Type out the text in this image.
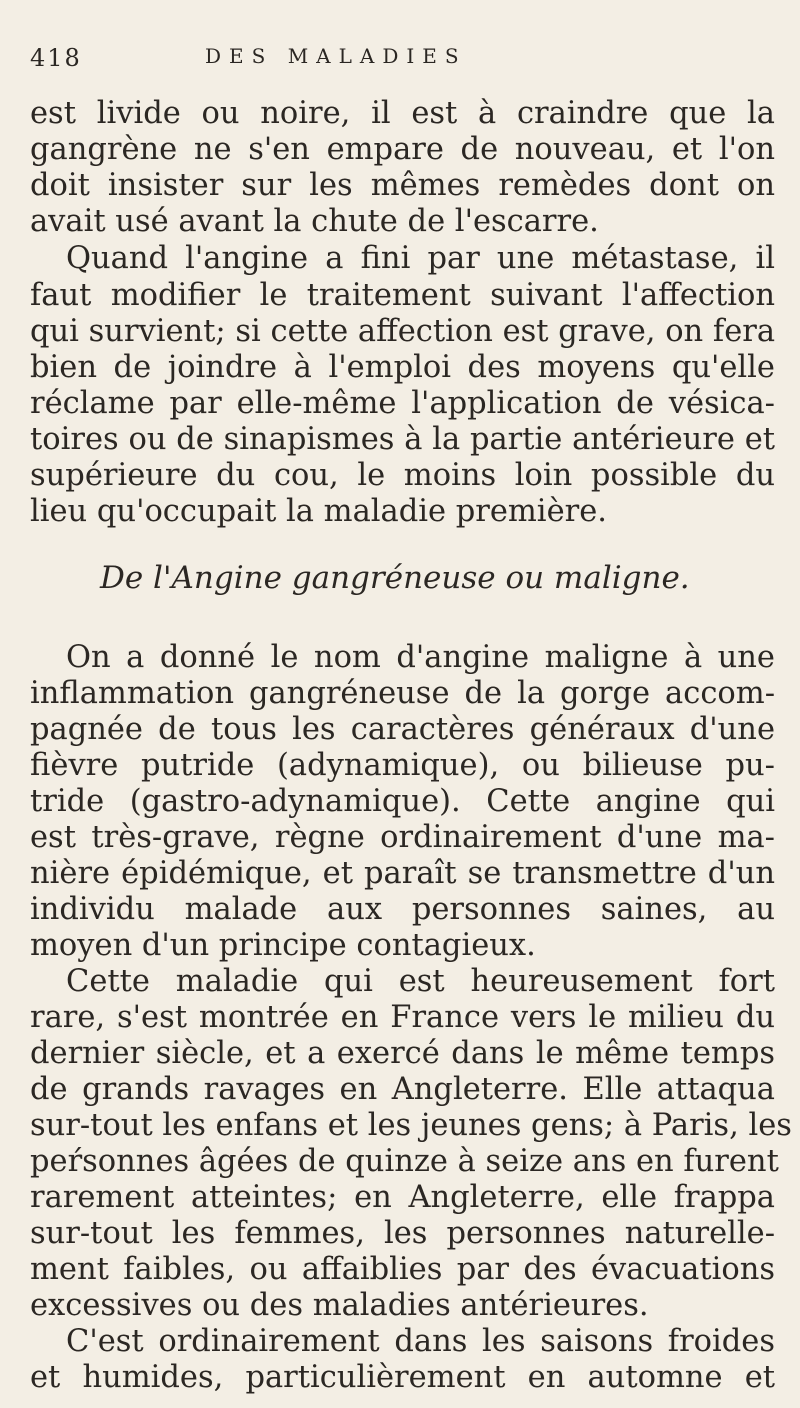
418	DES MALADIES
est livide ou noire, il est à craindre que la
gangrène ne s'en empare de nouveau, et l'on
doit insister sur les mêmes remèdes dont on
avait usé avant la chute de l'escarre.
Quand l'angine a fini par une métastase, il
faut modifier le traitement suivant l'affection
qui survient; si cette affection est grave, on fera
bien de joindre à l'emploi des moyens qu'elle
réclame par elle-même l'application de vésica-
toires ou de sinapismes à la partie antérieure et
supérieure du cou, le moins loin possible du
lieu qu'occupait la maladie première.
De l'Angine gangréneuse ou maligne.
On a donné le nom d'angine maligne à une
inflammation gangréneuse de la gorge accom-
pagnée de tous les caractères généraux d'une
fièvre putride (adynamique), ou bilieuse pu-
tride (gastro-adynamique). Cette angine qui
est très-grave, règne ordinairement d'une ma-
nière épidémique, et paraît se transmettre d'un
individu malade aux personnes saines, au
moyen d'un principe contagieux.
Cette maladie qui est heureusement fort
rare, s'est montrée en France vers le milieu du
dernier siècle, et a exercé dans le même temps
de grands ravages en Angleterre. Elle attaqua
sur-tout les enfans et les jeunes gens; à Paris, les
peŕsonnes âgées de quinze à seize ans en furent
rarement atteintes; en Angleterre, elle frappa
sur-tout les femmes, les personnes naturelle-
ment faibles, ou affaiblies par des évacuations
excessives ou des maladies antérieures.
C'est ordinairement dans les saisons froides
et humides, particulièrement en automne et
